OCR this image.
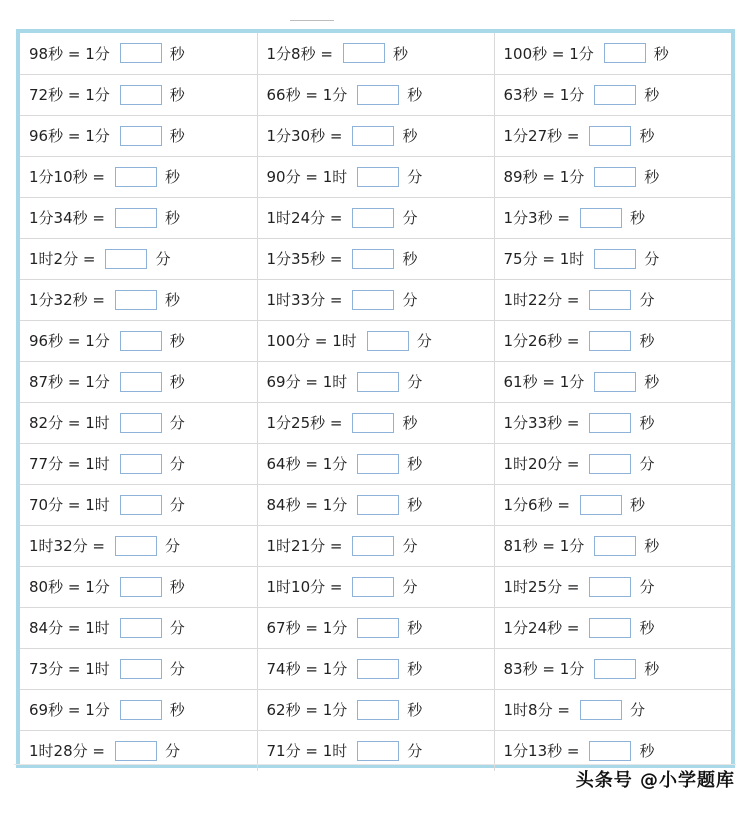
98秒 = 1分 秒	1分8秒 = 秒	100秒 = 1分 秒
72秒 = 1分 秒	66秒 = 1分 秒	63秒 = 1分 秒
96秒 = 1分 秒	1分30秒 = 秒	1分27秒 = 秒
1分10秒 = 秒	90分 = 1时 分	89秒 = 1分 秒
1分34秒 = 秒	1时24分 = 分	1分3秒 = 秒
1时2分 = 分	1分35秒 = 秒	75分 = 1时 分
1分32秒 = 秒	1时33分 = 分	1时22分 = 分
96秒 = 1分 秒	100分 = 1时 分	1分26秒 = 秒
87秒 = 1分 秒	69分 = 1时 分	61秒 = 1分 秒
82分 = 1时 分	1分25秒 = 秒	1分33秒 = 秒
77分 = 1时 分	64秒 = 1分 秒	1时20分 = 分
70分 = 1时 分	84秒 = 1分 秒	1分6秒 = 秒
1时32分 = 分	1时21分 = 分	81秒 = 1分 秒
80秒 = 1分 秒	1时10分 = 分	1时25分 = 分
84分 = 1时 分	67秒 = 1分 秒	1分24秒 = 秒
73分 = 1时 分	74秒 = 1分 秒	83秒 = 1分 秒
69秒 = 1分 秒	62秒 = 1分 秒	1时8分 = 分
1时28分 = 分	71分 = 1时 分	1分13秒 = 秒
头条号 @小学题库
